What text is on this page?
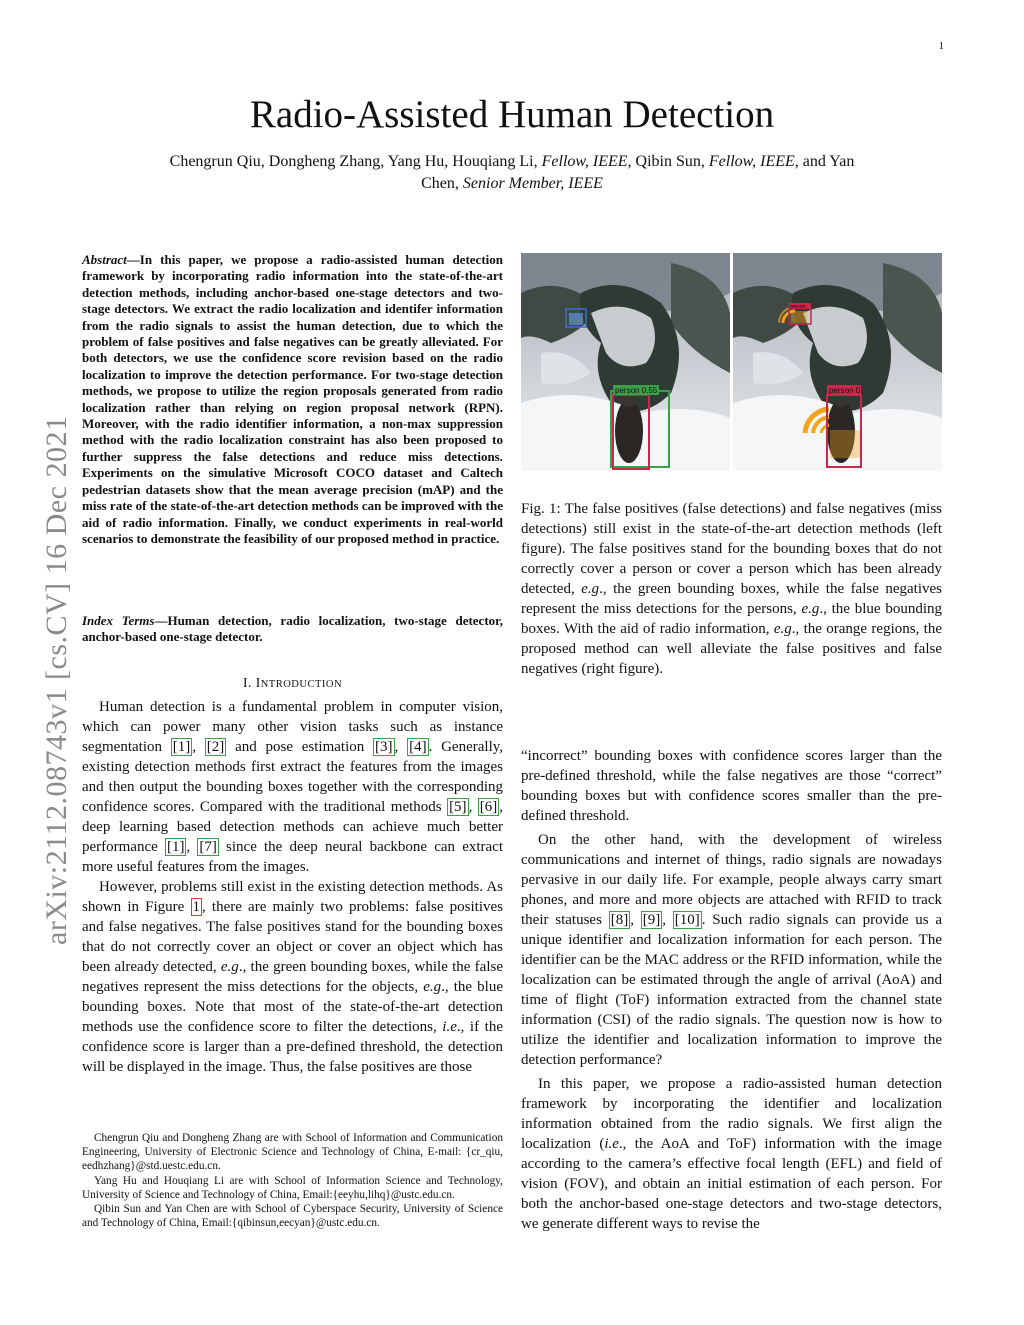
1
arXiv:2112.08743v1 [cs.CV] 16 Dec 2021
Radio-Assisted Human Detection
Chengrun Qiu, Dongheng Zhang, Yang Hu, Houqiang Li, Fellow, IEEE, Qibin Sun, Fellow, IEEE, and Yan
Chen, Senior Member, IEEE
Abstract—In this paper, we propose a radio-assisted human detection framework by incorporating radio information into the state-of-the-art detection methods, including anchor-based one-stage detectors and two-stage detectors. We extract the radio localization and identifer information from the radio signals to assist the human detection, due to which the problem of false positives and false negatives can be greatly alleviated. For both detectors, we use the confidence score revision based on the radio localization to improve the detection performance. For two-stage detection methods, we propose to utilize the region proposals generated from radio localization rather than relying on region proposal network (RPN). Moreover, with the radio identifier information, a non-max suppression method with the radio localization constraint has also been proposed to further suppress the false detections and reduce miss detections. Experiments on the simulative Microsoft COCO dataset and Caltech pedestrian datasets show that the mean average precision (mAP) and the miss rate of the state-of-the-art detection methods can be improved with the aid of radio information. Finally, we conduct experiments in real-world scenarios to demonstrate the feasibility of our proposed method in practice.
Index Terms—Human detection, radio localization, two-stage detector, anchor-based one-stage detector.
I. INTRODUCTION

Human detection is a fundamental problem in computer vision, which can power many other vision tasks such as instance segmentation [1] , [2] and pose estimation [3] , [4] . Generally, existing detection methods first extract the features from the images and then output the bounding boxes together with the corresponding confidence scores. Compared with the traditional methods [5] , [6] , deep learning based detection methods can achieve much better performance [1] , [7] since the deep neural backbone can extract more useful features from the images.

However, problems still exist in the existing detection methods. As shown in Figure 1 , there are mainly two problems: false positives and false negatives. The false positives stand for the bounding boxes that do not correctly cover an object or cover an object which has been already detected, e.g., the green bounding boxes, while the false negatives represent the miss detections for the objects, e.g., the blue bounding boxes. Note that most of the state-of-the-art detection methods use the confidence score to filter the detections, i.e., if the confidence score is larger than a pre-defined threshold, the detection will be displayed in the image. Thus, the false positives are those

Chengrun Qiu and Dongheng Zhang are with School of Information and Communication Engineering, University of Electronic Science and Technology of China, E-mail: {cr_qiu, eedhzhang}@std.uestc.edu.cn.

Yang Hu and Houqiang Li are with School of Information Science and Technology, University of Science and Technology of China, Email:{eeyhu,lihq}@ustc.edu.cn.

Qibin Sun and Yan Chen are with School of Cyberspace Security, University of Science and Technology of China, Email:{qibinsun,eecyan}@ustc.edu.cn.

person 0.55
person
person 0.
Fig. 1: The false positives (false detections) and false negatives (miss detections) still exist in the state-of-the-art detection methods (left figure). The false positives stand for the bounding boxes that do not correctly cover a person or cover a person which has been already detected, e.g., the green bounding boxes, while the false negatives represent the miss detections for the persons, e.g., the blue bounding boxes. With the aid of radio information, e.g., the orange regions, the proposed method can well alleviate the false positives and false negatives (right figure).

“incorrect” bounding boxes with confidence scores larger than the pre-defined threshold, while the false negatives are those “correct” bounding boxes but with confidence scores smaller than the pre-defined threshold.

On the other hand, with the development of wireless communications and internet of things, radio signals are nowadays pervasive in our daily life. For example, people always carry smart phones, and more and more objects are attached with RFID to track their statuses [8] , [9] , [10] . Such radio signals can provide us a unique identifier and localization information for each person. The identifier can be the MAC address or the RFID information, while the localization can be estimated through the angle of arrival (AoA) and time of flight (ToF) information extracted from the channel state information (CSI) of the radio signals. The question now is how to utilize the identifier and localization information to improve the detection performance?

In this paper, we propose a radio-assisted human detection framework by incorporating the identifier and localization information obtained from the radio signals. We first align the localization (i.e., the AoA and ToF) information with the image according to the camera’s effective focal length (EFL) and field of vision (FOV), and obtain an initial estimation of each person. For both the anchor-based one-stage detectors and two-stage detectors, we generate different ways to revise the
